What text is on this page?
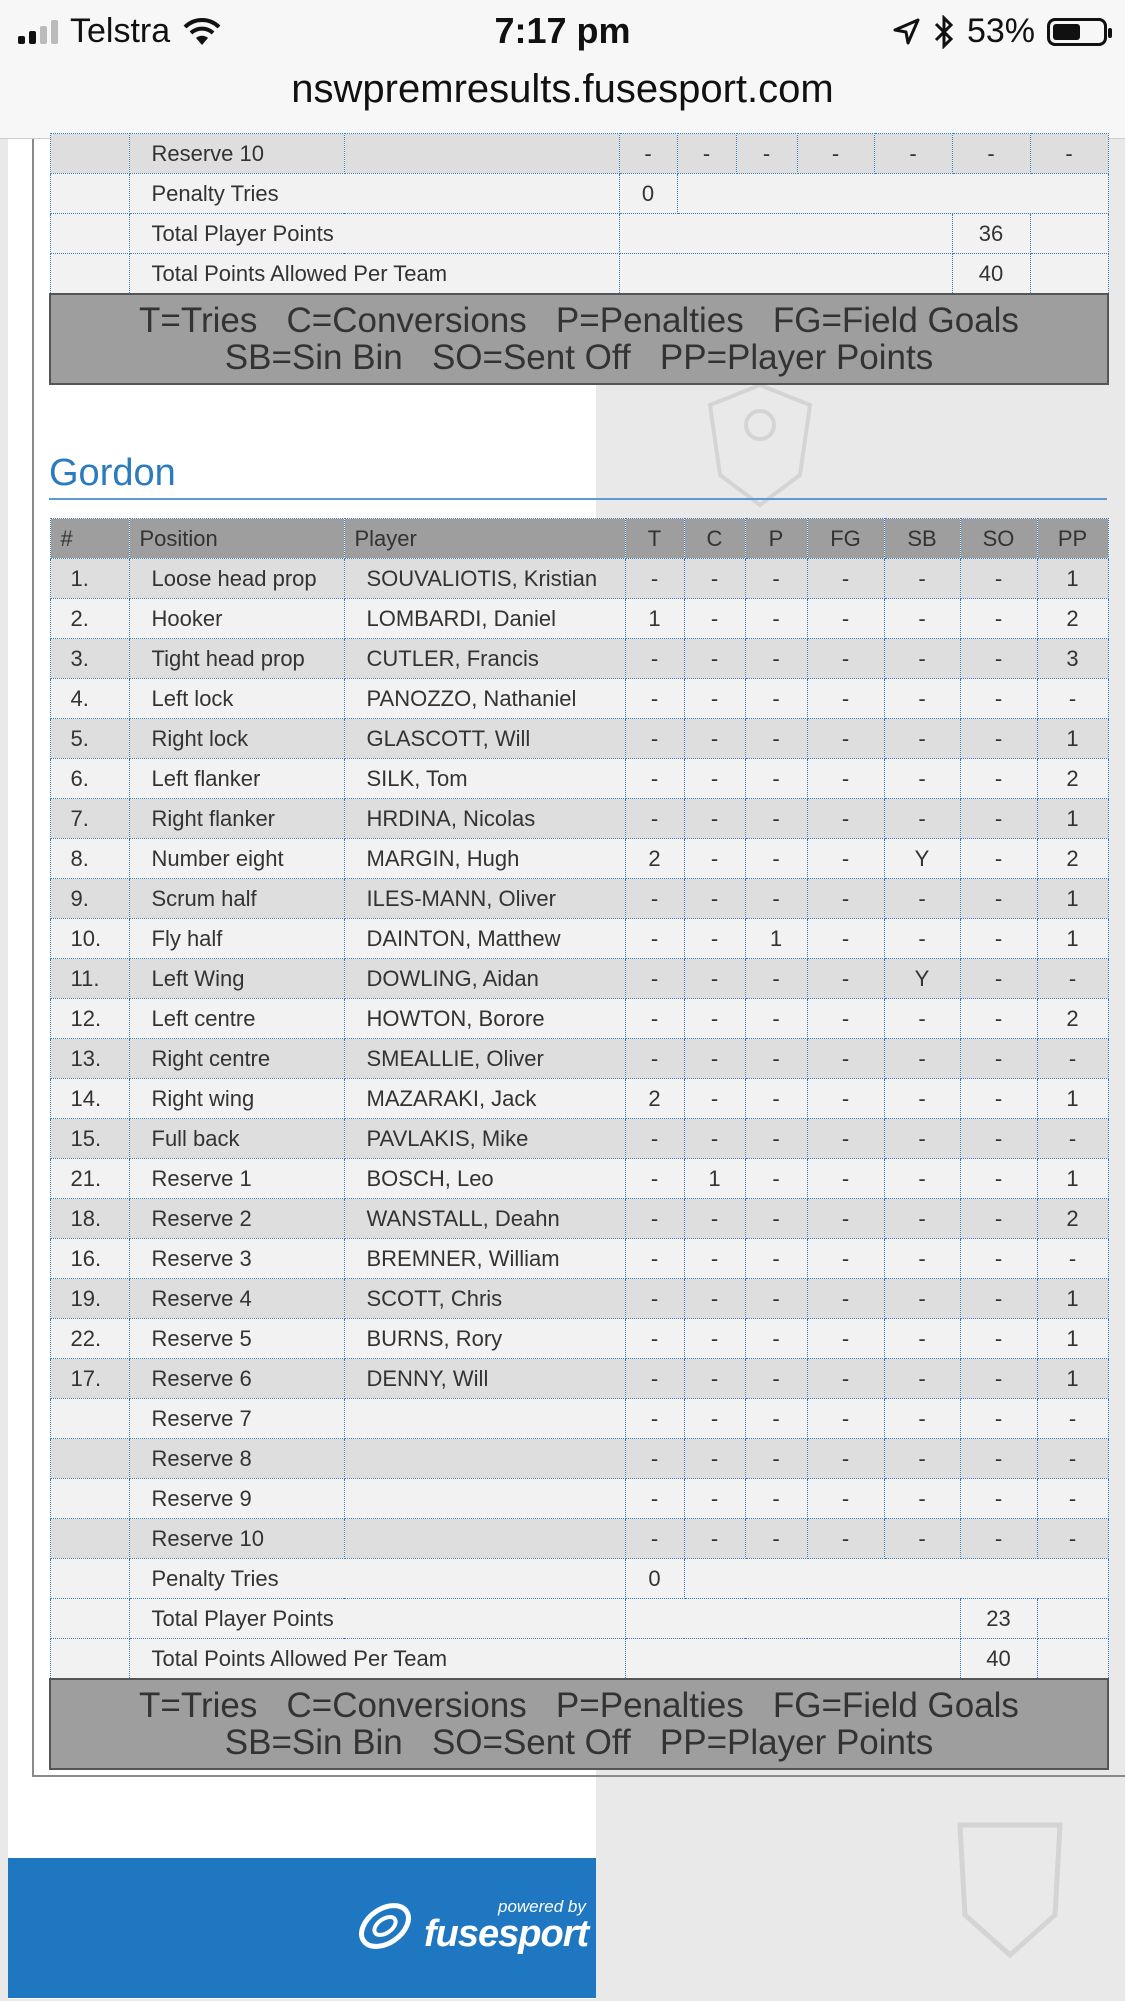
Telstra	7:17 pm	53%
nswpremresults.fusesport.com
	Reserve 10		-	-	-	-	-	-	-
	Penalty Tries		0						
	Total Player Points							36	
	Total Points Allowed Per Team							40	

T=Tries   C=Conversions   P=Penalties   FG=Field Goals
SB=Sin Bin   SO=Sent Off   PP=Player Points									
Gordon
#	Position	Player	T	C	P	FG	SB	SO	PP
1.	Loose head prop	SOUVALIOTIS, Kristian	-	-	-	-	-	-	1
2.	Hooker	LOMBARDI, Daniel	1	-	-	-	-	-	2
3.	Tight head prop	CUTLER, Francis	-	-	-	-	-	-	3
4.	Left lock	PANOZZO, Nathaniel	-	-	-	-	-	-	-
5.	Right lock	GLASCOTT, Will	-	-	-	-	-	-	1
6.	Left flanker	SILK, Tom	-	-	-	-	-	-	2
7.	Right flanker	HRDINA, Nicolas	-	-	-	-	-	-	1
8.	Number eight	MARGIN, Hugh	2	-	-	-	Y	-	2
9.	Scrum half	ILES-MANN, Oliver	-	-	-	-	-	-	1
10.	Fly half	DAINTON, Matthew	-	-	1	-	-	-	1
11.	Left Wing	DOWLING, Aidan	-	-	-	-	Y	-	-
12.	Left centre	HOWTON, Borore	-	-	-	-	-	-	2
13.	Right centre	SMEALLIE, Oliver	-	-	-	-	-	-	-
14.	Right wing	MAZARAKI, Jack	2	-	-	-	-	-	1
15.	Full back	PAVLAKIS, Mike	-	-	-	-	-	-	-
21.	Reserve 1	BOSCH, Leo	-	1	-	-	-	-	1
18.	Reserve 2	WANSTALL, Deahn	-	-	-	-	-	-	2
16.	Reserve 3	BREMNER, William	-	-	-	-	-	-	-
19.	Reserve 4	SCOTT, Chris	-	-	-	-	-	-	1
22.	Reserve 5	BURNS, Rory	-	-	-	-	-	-	1
17.	Reserve 6	DENNY, Will	-	-	-	-	-	-	1
	Reserve 7		-	-	-	-	-	-	-
	Reserve 8		-	-	-	-	-	-	-
	Reserve 9		-	-	-	-	-	-	-
	Reserve 10		-	-	-	-	-	-	-
	Penalty Tries		0						
	Total Player Points							23	
	Total Points Allowed Per Team							40	

T=Tries   C=Conversions   P=Penalties   FG=Field Goals
SB=Sin Bin   SO=Sent Off   PP=Player Points									
powered by
fusesport
